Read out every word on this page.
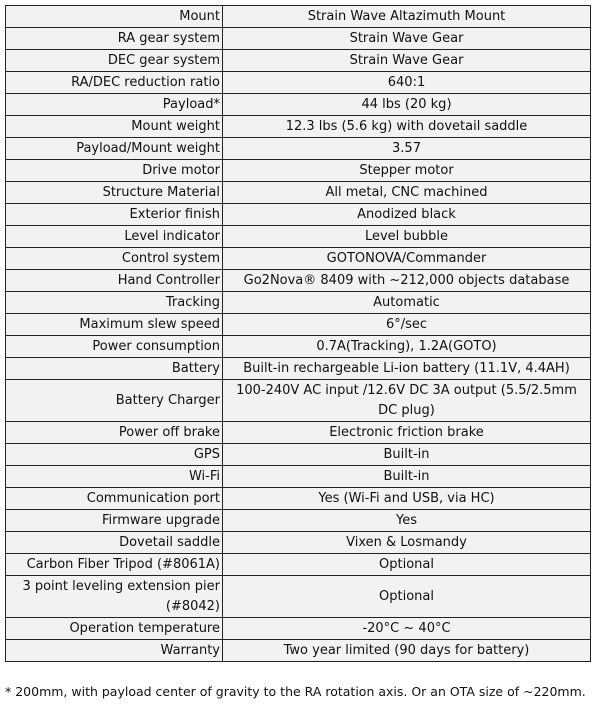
Mount	Strain Wave Altazimuth Mount
RA gear system	Strain Wave Gear
DEC gear system	Strain Wave Gear
RA/DEC reduction ratio	640:1
Payload*	44 lbs (20 kg)
Mount weight	12.3 lbs (5.6 kg) with dovetail saddle
Payload/Mount weight	3.57
Drive motor	Stepper motor
Structure Material	All metal, CNC machined
Exterior finish	Anodized black
Level indicator	Level bubble
Control system	GOTONOVA/Commander
Hand Controller	Go2Nova® 8409 with ~212,000 objects database
Tracking	Automatic
Maximum slew speed	6°/sec
Power consumption	0.7A(Tracking), 1.2A(GOTO)
Battery	Built-in rechargeable Li-ion battery (11.1V, 4.4AH)
Battery Charger	100-240V AC input /12.6V DC 3A output (5.5/2.5mm DC plug)
Power off brake	Electronic friction brake
GPS	Built-in
Wi-Fi	Built-in
Communication port	Yes (Wi-Fi and USB, via HC)
Firmware upgrade	Yes
Dovetail saddle	Vixen & Losmandy
Carbon Fiber Tripod (#8061A)	Optional
3 point leveling extension pier (#8042)	Optional
Operation temperature	-20°C ~ 40°C
Warranty	Two year limited (90 days for battery)
* 200mm, with payload center of gravity to the RA rotation axis. Or an OTA size of ~220mm.
